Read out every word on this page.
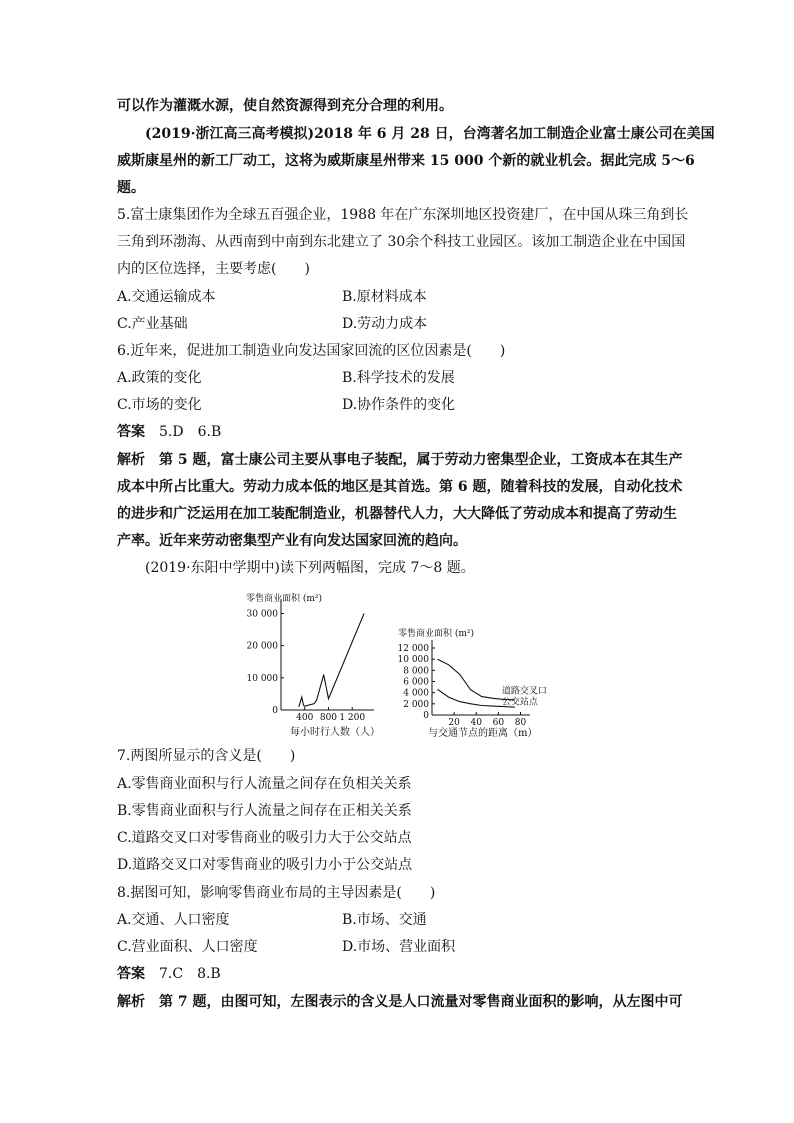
可以作为灌溉水源，使自然资源得到充分合理的利用。
(2019·浙江高三高考模拟)2018 年 6 月 28 日，台湾著名加工制造企业富士康公司在美国
威斯康星州的新工厂动工，这将为威斯康星州带来 15 000 个新的就业机会。据此完成 5～6
题。
5.富士康集团作为全球五百强企业，1988 年在广东深圳地区投资建厂，在中国从珠三角到长
三角到环渤海、从西南到中南到东北建立了 30余个科技工业园区。该加工制造企业在中国国
内的区位选择，主要考虑(　　)
A.交通运输成本	B.原材料成本
C.产业基础	D.劳动力成本
6.近年来，促进加工制造业向发达国家回流的区位因素是(　　)
A.政策的变化	B.科学技术的发展
C.市场的变化	D.协作条件的变化
答案 5.D　6.B
解析 第 5 题，富士康公司主要从事电子装配，属于劳动力密集型企业，工资成本在其生产
成本中所占比重大。劳动力成本低的地区是其首选。第 6 题，随着科技的发展，自动化技术
的进步和广泛运用在加工装配制造业，机器替代人力，大大降低了劳动成本和提高了劳动生
产率。近年来劳动密集型产业有向发达国家回流的趋向。
(2019·东阳中学期中)读下列两幅图，完成 7～8 题。
0
10 000
20 000
30 000
400 800 1 200
零售商业面积 (m²)
每小时行人数（人）
0
2 000
4 000
6 000
8 000
10 000
12 000
20 40 60 80
零售商业面积 (m²)
与交通节点的距离（m）
道路交叉口
公交站点
7.两图所显示的含义是(　　)
A.零售商业面积与行人流量之间存在负相关关系
B.零售商业面积与行人流量之间存在正相关关系
C.道路交叉口对零售商业的吸引力大于公交站点
D.道路交叉口对零售商业的吸引力小于公交站点
8.据图可知，影响零售商业布局的主导因素是(　　)
A.交通、人口密度	B.市场、交通
C.营业面积、人口密度	D.市场、营业面积
答案 7.C　8.B
解析 第 7 题，由图可知，左图表示的含义是人口流量对零售商业面积的影响，从左图中可
